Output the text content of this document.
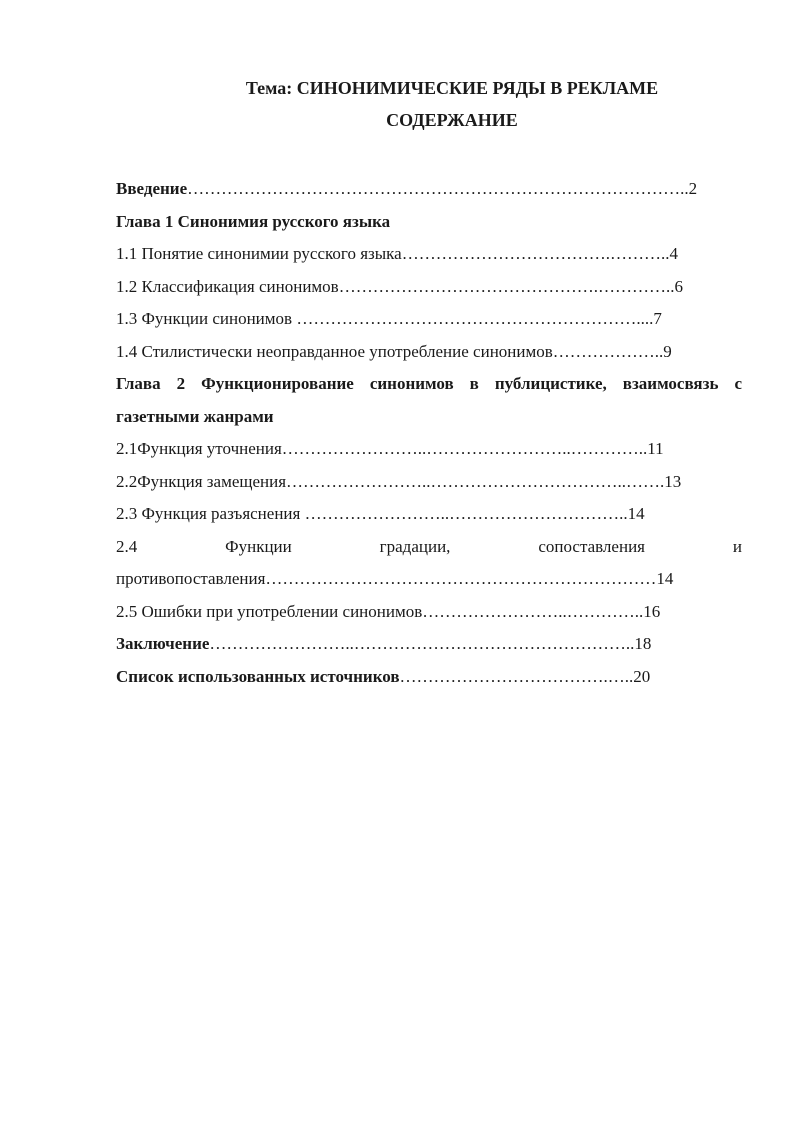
Тема: СИНОНИМИЧЕСКИЕ РЯДЫ В РЕКЛАМЕ
СОДЕРЖАНИЕ
Введение……………………………………………………………………………..2
Глава 1 Синонимия русского языка
1.1 Понятие синонимии русского языка……………………………….………..4
1.2 Классификация синонимов……………………………………….…………..6
1.3 Функции синонимов ……………………………………………………....7
1.4 Стилистически неоправданное употребление синонимов………………..9
Глава 2 Функционирование синонимов в публицистике, взаимосвязь с
газетными жанрами
2.1Функция уточнения……………………..……………………..…………..11
2.2Функция замещения……………………..……………………………..…….13
2.3 Функция разъяснения ……………………..…………………………..14
2.4 Функции градации, сопоставления и
противопоставления……………………………………………………………14
2.5 Ошибки при употреблении синонимов……………………..…………..16
Заключение……………………..…………………………………………..18
Список использованных источников……………………………….…..20
